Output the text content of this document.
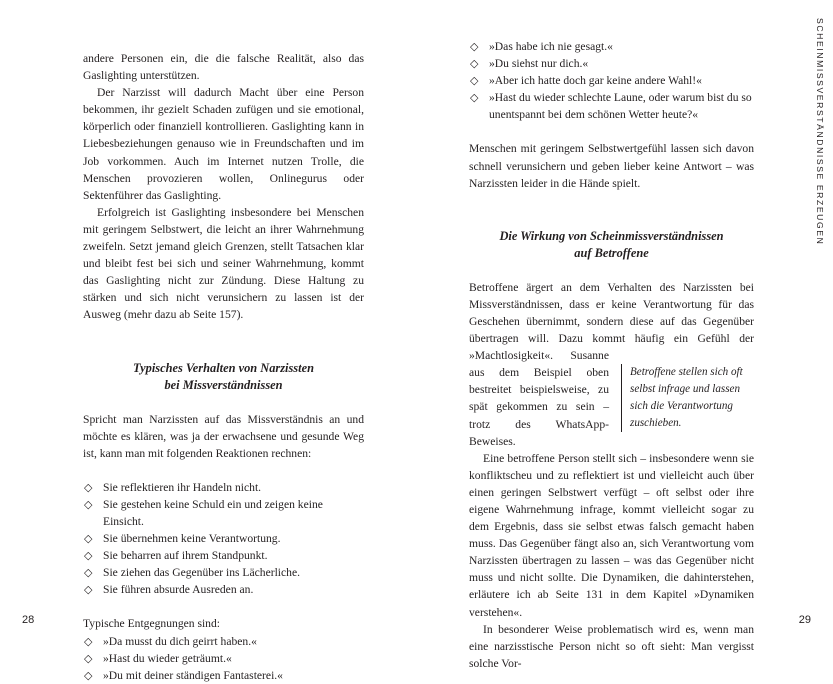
andere Personen ein, die die falsche Realität, also das Gaslighting unterstützen.

Der Narzisst will dadurch Macht über eine Person bekommen, ihr gezielt Schaden zufügen und sie emotional, körperlich oder finanziell kontrollieren. Gaslighting kann in Liebesbeziehungen genauso wie in Freundschaften und im Job vorkommen. Auch im Internet nutzen Trolle, die Menschen provozieren wollen, Onlinegurus oder Sektenführer das Gaslighting.

Erfolgreich ist Gaslighting insbesondere bei Menschen mit geringem Selbstwert, die leicht an ihrer Wahrnehmung zweifeln. Setzt jemand gleich Grenzen, stellt Tatsachen klar und bleibt fest bei sich und seiner Wahrnehmung, kommt das Gaslighting nicht zur Zündung. Diese Haltung zu stärken und sich nicht verunsichern zu lassen ist der Ausweg (mehr dazu ab Seite 157).

Typisches Verhalten von Narzissten
bei Missverständnissen

Spricht man Narzissten auf das Missverständnis an und möchte es klären, was ja der erwachsene und gesunde Weg ist, kann man mit folgenden Reaktionen rechnen:

◇ Sie reflektieren ihr Handeln nicht.
◇ Sie gestehen keine Schuld ein und zeigen keine Einsicht.
◇ Sie übernehmen keine Verantwortung.
◇ Sie beharren auf ihrem Standpunkt.
◇ Sie ziehen das Gegenüber ins Lächerliche.
◇ Sie führen absurde Ausreden an.

Typische Entgegnungen sind:

◇ »Da musst du dich geirrt haben.«
◇ »Hast du wieder geträumt.«
◇ »Du mit deiner ständigen Fantasterei.«
28
◇ »Das habe ich nie gesagt.«
◇ »Du siehst nur dich.«
◇ »Aber ich hatte doch gar keine andere Wahl!«
◇ »Hast du wieder schlechte Laune, oder warum bist du so unentspannt bei dem schönen Wetter heute?«

Menschen mit geringem Selbstwertgefühl lassen sich davon schnell verunsichern und geben lieber keine Antwort – was Narzissten leider in die Hände spielt.

Die Wirkung von Scheinmissverständnissen
auf Betroffene

Betroffene stellen sich oft selbst infrage und lassen sich die Verantwortung zuschieben.
Betroffene ärgert an dem Verhalten des Narzissten bei Missverständnissen, dass er keine Verantwortung für das Geschehen übernimmt, sondern diese auf das Gegenüber übertragen will. Dazu kommt häufig ein Gefühl der »Machtlosigkeit«. Susanne aus dem Beispiel oben bestreitet beispielsweise, zu spät gekommen zu sein – trotz des WhatsApp-Beweises.

Eine betroffene Person stellt sich – insbesondere wenn sie konfliktscheu und zu reflektiert ist und vielleicht auch über einen geringen Selbstwert verfügt – oft selbst oder ihre eigene Wahrnehmung infrage, kommt vielleicht sogar zu dem Ergebnis, dass sie selbst etwas falsch gemacht haben muss. Das Gegenüber fängt also an, sich Verantwortung vom Narzissten übertragen zu lassen – was das Gegenüber nicht muss und nicht sollte. Die Dynamiken, die dahinterstehen, erläutere ich ab Seite 131 in dem Kapitel »Dynamiken verstehen«.

In besonderer Weise problematisch wird es, wenn man eine narzisstische Person nicht so oft sieht: Man vergisst solche Vor-

29
SCHEINMISSVERSTÄNDNISSE ERZEUGEN
